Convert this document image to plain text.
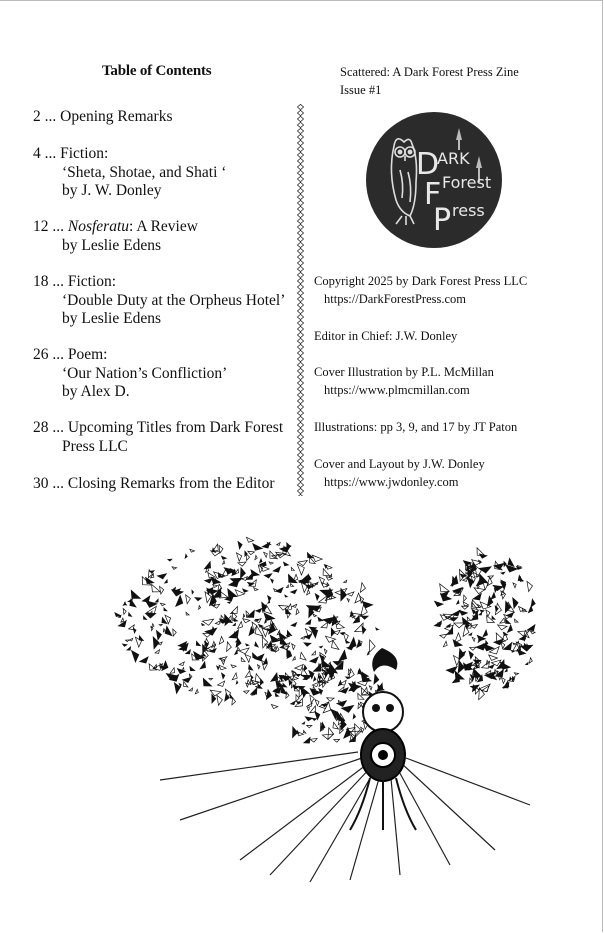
Table of Contents
2 ... Opening Remarks
4 ... Fiction:
‘Sheta, Shotae, and Shati ‘
by J. W. Donley
12 ... Nosferatu: A Review
by Leslie Edens
18 ... Fiction:
‘Double Duty at the Orpheus Hotel’
by Leslie Edens
26 ... Poem:
‘Our Nation’s Confliction’
by Alex D.
28 ... Upcoming Titles from Dark Forest
Press LLC
30 ... Closing Remarks from the Editor
Scattered: A Dark Forest Press Zine
Issue #1
D
ARK
F Forest
P ress
Copyright 2025 by Dark Forest Press LLC
https://DarkForestPress.com
Editor in Chief: J.W. Donley
Cover Illustration by P.L. McMillan
https://www.plmcmillan.com
Illustrations: pp 3, 9, and 17 by JT Paton
Cover and Layout by J.W. Donley
https://www.jwdonley.com
